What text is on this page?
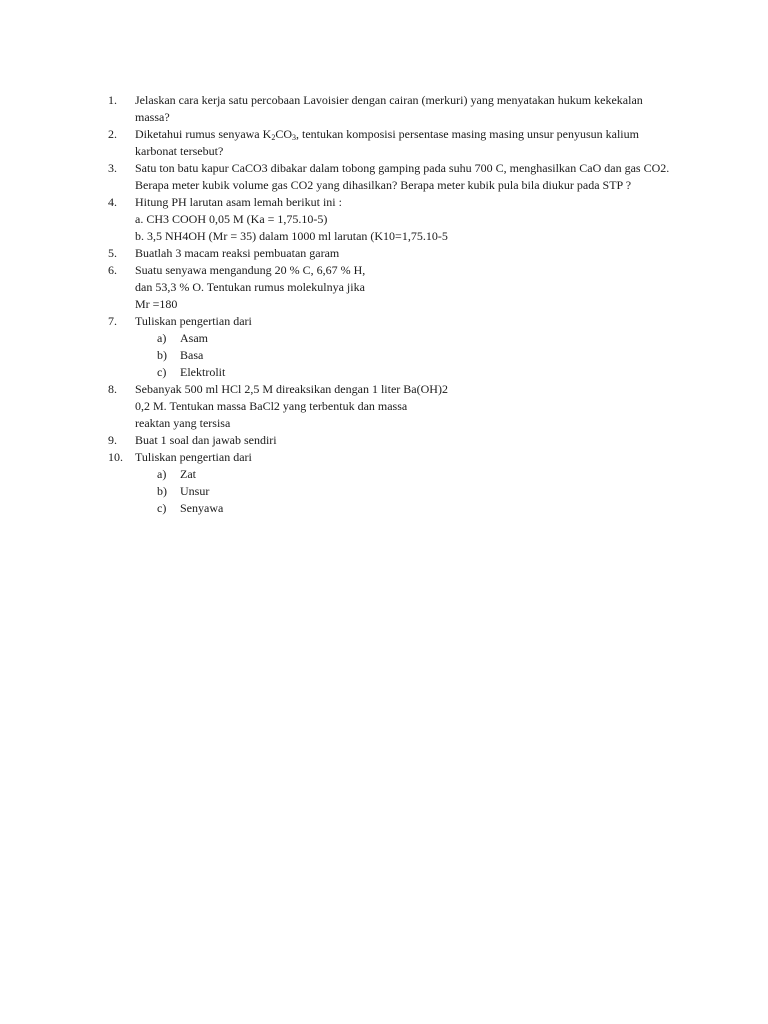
1.	Jelaskan cara kerja satu percobaan Lavoisier dengan cairan (merkuri) yang menyatakan hukum kekekalan massa?
2.	Diketahui rumus senyawa $K_2CO_3$, tentukan komposisi persentase masing masing unsur penyusun kalium karbonat tersebut?
3.	Satu ton batu kapur CaCO3 dibakar dalam tobong gamping pada suhu 700 C, menghasilkan CaO dan gas CO2. Berapa meter kubik volume gas CO2 yang dihasilkan? Berapa meter kubik pula bila diukur pada STP ?
4.	Hitung PH larutan asam lemah berikut ini :
a. CH3 COOH 0,05 M (Ka = 1,75.10-5)
b. 3,5 NH4OH (Mr = 35) dalam 1000 ml larutan (K10=1,75.10-5
5.	Buatlah 3 macam reaksi pembuatan garam
6.	Suatu senyawa mengandung 20 % C, 6,67 % H,
dan 53,3 % O. Tentukan rumus molekulnya jika
Mr =180
7.	Tuliskan pengertian dari
a) Asam
b) Basa
c) Elektrolit
8.	Sebanyak 500 ml HCl 2,5 M direaksikan dengan 1 liter Ba(OH)2
0,2 M. Tentukan massa BaCl2 yang terbentuk dan massa
reaktan yang tersisa
9.	Buat 1 soal dan jawab sendiri
10.	Tuliskan pengertian dari
a) Zat
b) Unsur
c) Senyawa
